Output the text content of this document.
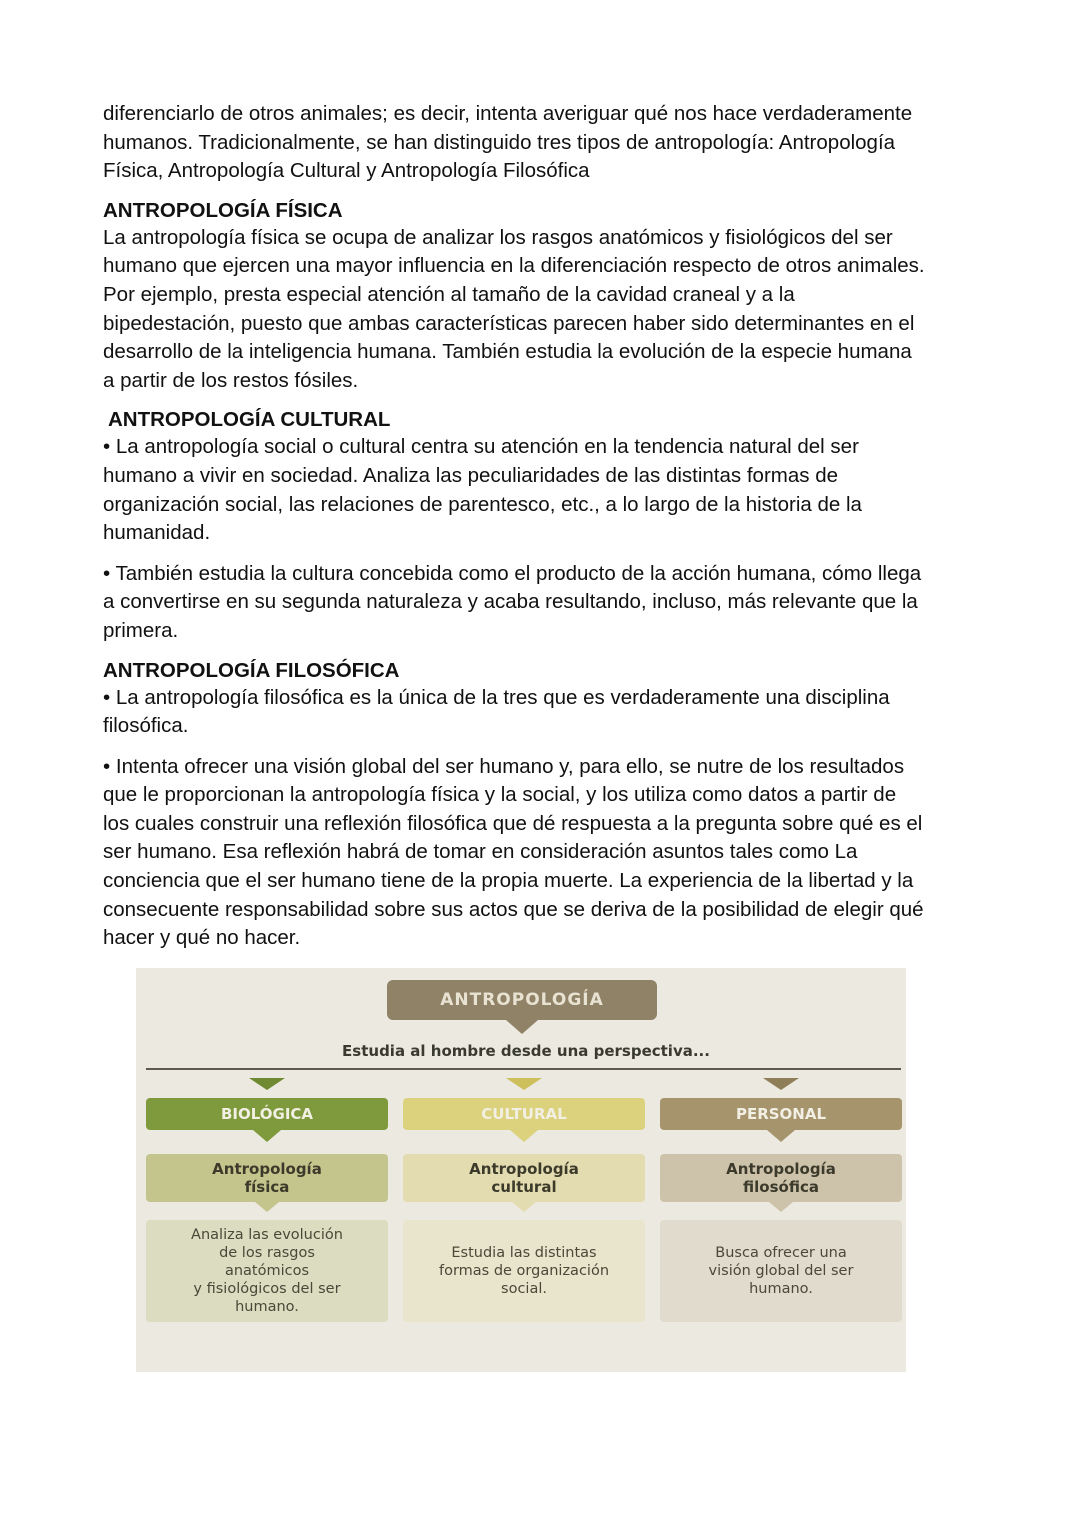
diferenciarlo de otros animales; es decir, intenta averiguar qué nos hace verdaderamente
humanos. Tradicionalmente, se han distinguido tres tipos de antropología: Antropología
Física, Antropología Cultural y Antropología Filosófica
ANTROPOLOGÍA FÍSICA
La antropología física se ocupa de analizar los rasgos anatómicos y fisiológicos del ser
humano que ejercen una mayor influencia en la diferenciación respecto de otros animales.
Por ejemplo, presta especial atención al tamaño de la cavidad craneal y a la
bipedestación, puesto que ambas características parecen haber sido determinantes en el
desarrollo de la inteligencia humana. También estudia la evolución de la especie humana
a partir de los restos fósiles.
ANTROPOLOGÍA CULTURAL
• La antropología social o cultural centra su atención en la tendencia natural del ser
humano a vivir en sociedad. Analiza las peculiaridades de las distintas formas de
organización social, las relaciones de parentesco, etc., a lo largo de la historia de la
humanidad.
• También estudia la cultura concebida como el producto de la acción humana, cómo llega
a convertirse en su segunda naturaleza y acaba resultando, incluso, más relevante que la
primera.
ANTROPOLOGÍA FILOSÓFICA
• La antropología filosófica es la única de la tres que es verdaderamente una disciplina
filosófica.
• Intenta ofrecer una visión global del ser humano y, para ello, se nutre de los resultados
que le proporcionan la antropología física y la social, y los utiliza como datos a partir de
los cuales construir una reflexión filosófica que dé respuesta a la pregunta sobre qué es el
ser humano. Esa reflexión habrá de tomar en consideración asuntos tales como La
conciencia que el ser humano tiene de la propia muerte. La experiencia de la libertad y la
consecuente responsabilidad sobre sus actos que se deriva de la posibilidad de elegir qué
hacer y qué no hacer.
ANTROPOLOGÍA
Estudia al hombre desde una perspectiva...
BIOLÓGICA
Antropología
física
Analiza las evolución
de los rasgos
anatómicos
y fisiológicos del ser
humano.
CULTURAL
Antropología
cultural
Estudia las distintas
formas de organización
social.
PERSONAL
Antropología
filosófica
Busca ofrecer una
visión global del ser
humano.
